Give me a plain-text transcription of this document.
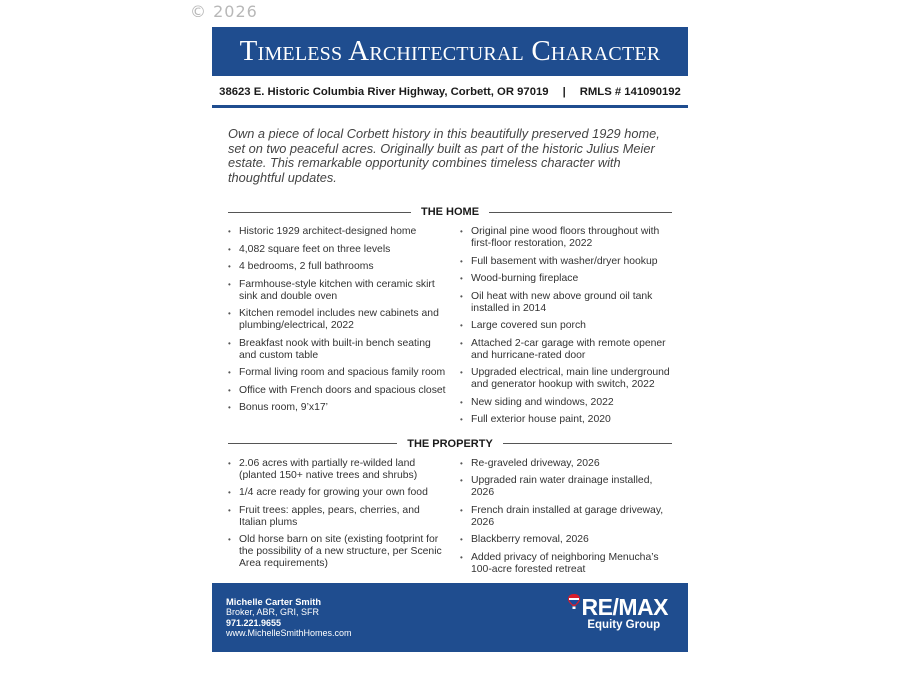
© 2026
Timeless Architectural Character
38623 E. Historic Columbia River Highway, Corbett, OR 97019 | RMLS # 141090192

Own a piece of local Corbett history in this beautifully preserved 1929 home, set on two peaceful acres. Originally built as part of the historic Julius Meier estate. This remarkable opportunity combines timeless character with thoughtful updates.

THE HOME
• Historic 1929 architect-designed home
• 4,082 square feet on three levels
• 4 bedrooms, 2 full bathrooms
• Farmhouse-style kitchen with ceramic skirt sink and double oven
• Kitchen remodel includes new cabinets and plumbing/electrical, 2022
• Breakfast nook with built-in bench seating and custom table
• Formal living room and spacious family room
• Office with French doors and spacious closet
• Bonus room, 9’x17’
• Original pine wood floors throughout with first-floor restoration, 2022
• Full basement with washer/dryer hookup
• Wood-burning fireplace
• Oil heat with new above ground oil tank installed in 2014
• Large covered sun porch
• Attached 2-car garage with remote opener and hurricane-rated door
• Upgraded electrical, main line underground and generator hookup with switch, 2022
• New siding and windows, 2022
• Full exterior house paint, 2020
THE PROPERTY
• 2.06 acres with partially re-wilded land (planted 150+ native trees and shrubs)
• 1/4 acre ready for growing your own food
• Fruit trees: apples, pears, cherries, and Italian plums
• Old horse barn on site (existing footprint for the possibility of a new structure, per Scenic Area requirements)
• Re-graveled driveway, 2026
• Upgraded rain water drainage installed, 2026
• French drain installed at garage driveway, 2026
• Blackberry removal, 2026
• Added privacy of neighboring Menucha’s 100-acre forested retreat
Michelle Carter Smith
Broker, ABR, GRI, SFR
971.221.9655
www.MichelleSmithHomes.com
RE/MAX
Equity Group
